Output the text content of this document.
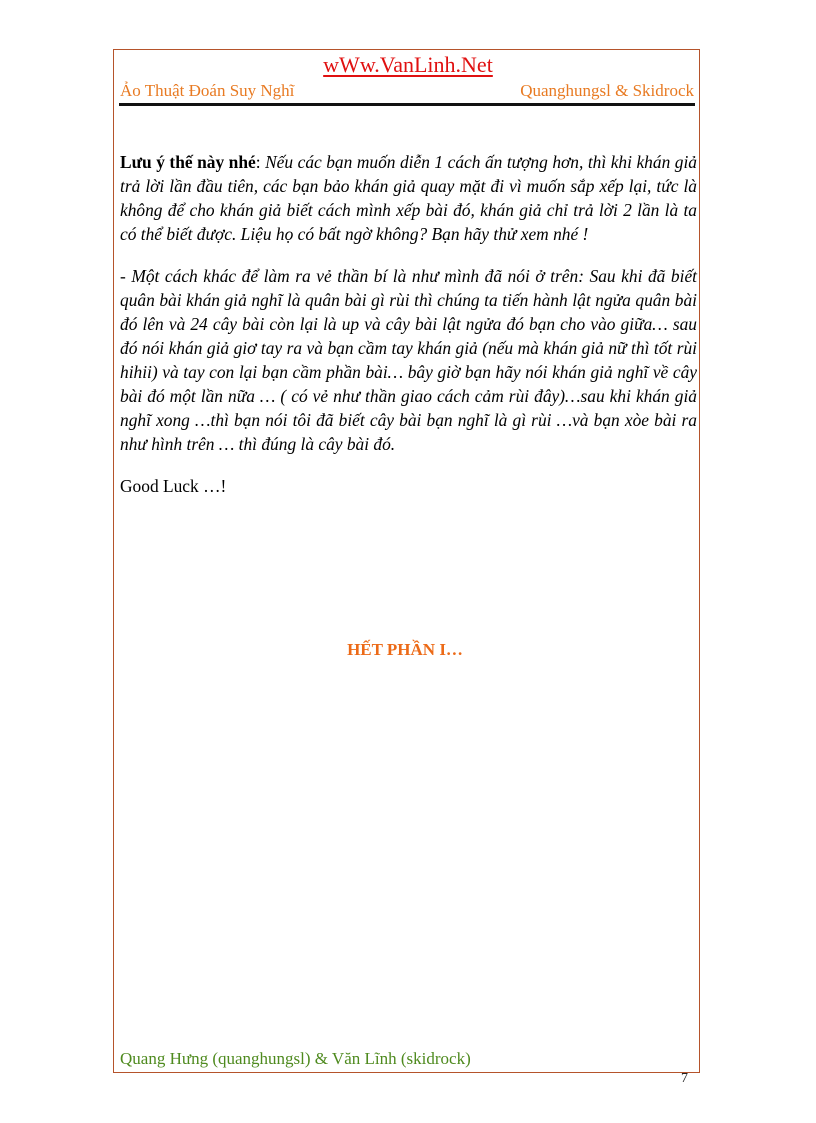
wWw.VanLinh.Net
Ảo Thuật Đoán Suy Nghĩ	Quanghungsl & Skidrock

Lưu ý thế này nhé: Nếu các bạn muốn diễn 1 cách ấn tượng hơn, thì khi khán giả trả lời lần đầu tiên, các bạn bảo khán giả quay mặt đi vì muốn sắp xếp lại, tức là không để cho khán giả biết cách mình xếp bài đó, khán giả chỉ trả lời 2 lần là ta có thể biết được. Liệu họ có bất ngờ không? Bạn hãy thử xem nhé !

- Một cách khác để làm ra vẻ thần bí là như mình đã nói ở trên: Sau khi đã biết quân bài khán giả nghĩ là quân bài gì rùi thì chúng ta tiến hành lật ngửa quân bài đó lên và 24 cây bài còn lại là up và cây bài lật ngửa đó bạn cho vào giữa… sau đó nói khán giả giơ tay ra và bạn cầm tay khán giả (nếu mà khán giả nữ thì tốt rùi hihii) và tay con lại bạn cầm phần bài… bây giờ bạn hãy nói khán giả nghĩ về cây bài đó một lần nữa … ( có vẻ như thần giao cách cảm rùi đây)…sau khi khán giả nghĩ xong …thì bạn nói tôi đã biết cây bài bạn nghĩ là gì rùi …và bạn xòe bài ra như hình trên … thì đúng là cây bài đó.

Good Luck …!

HẾT PHẦN I…
Quang Hưng (quanghungsl) & Văn Lĩnh (skidrock)
7
